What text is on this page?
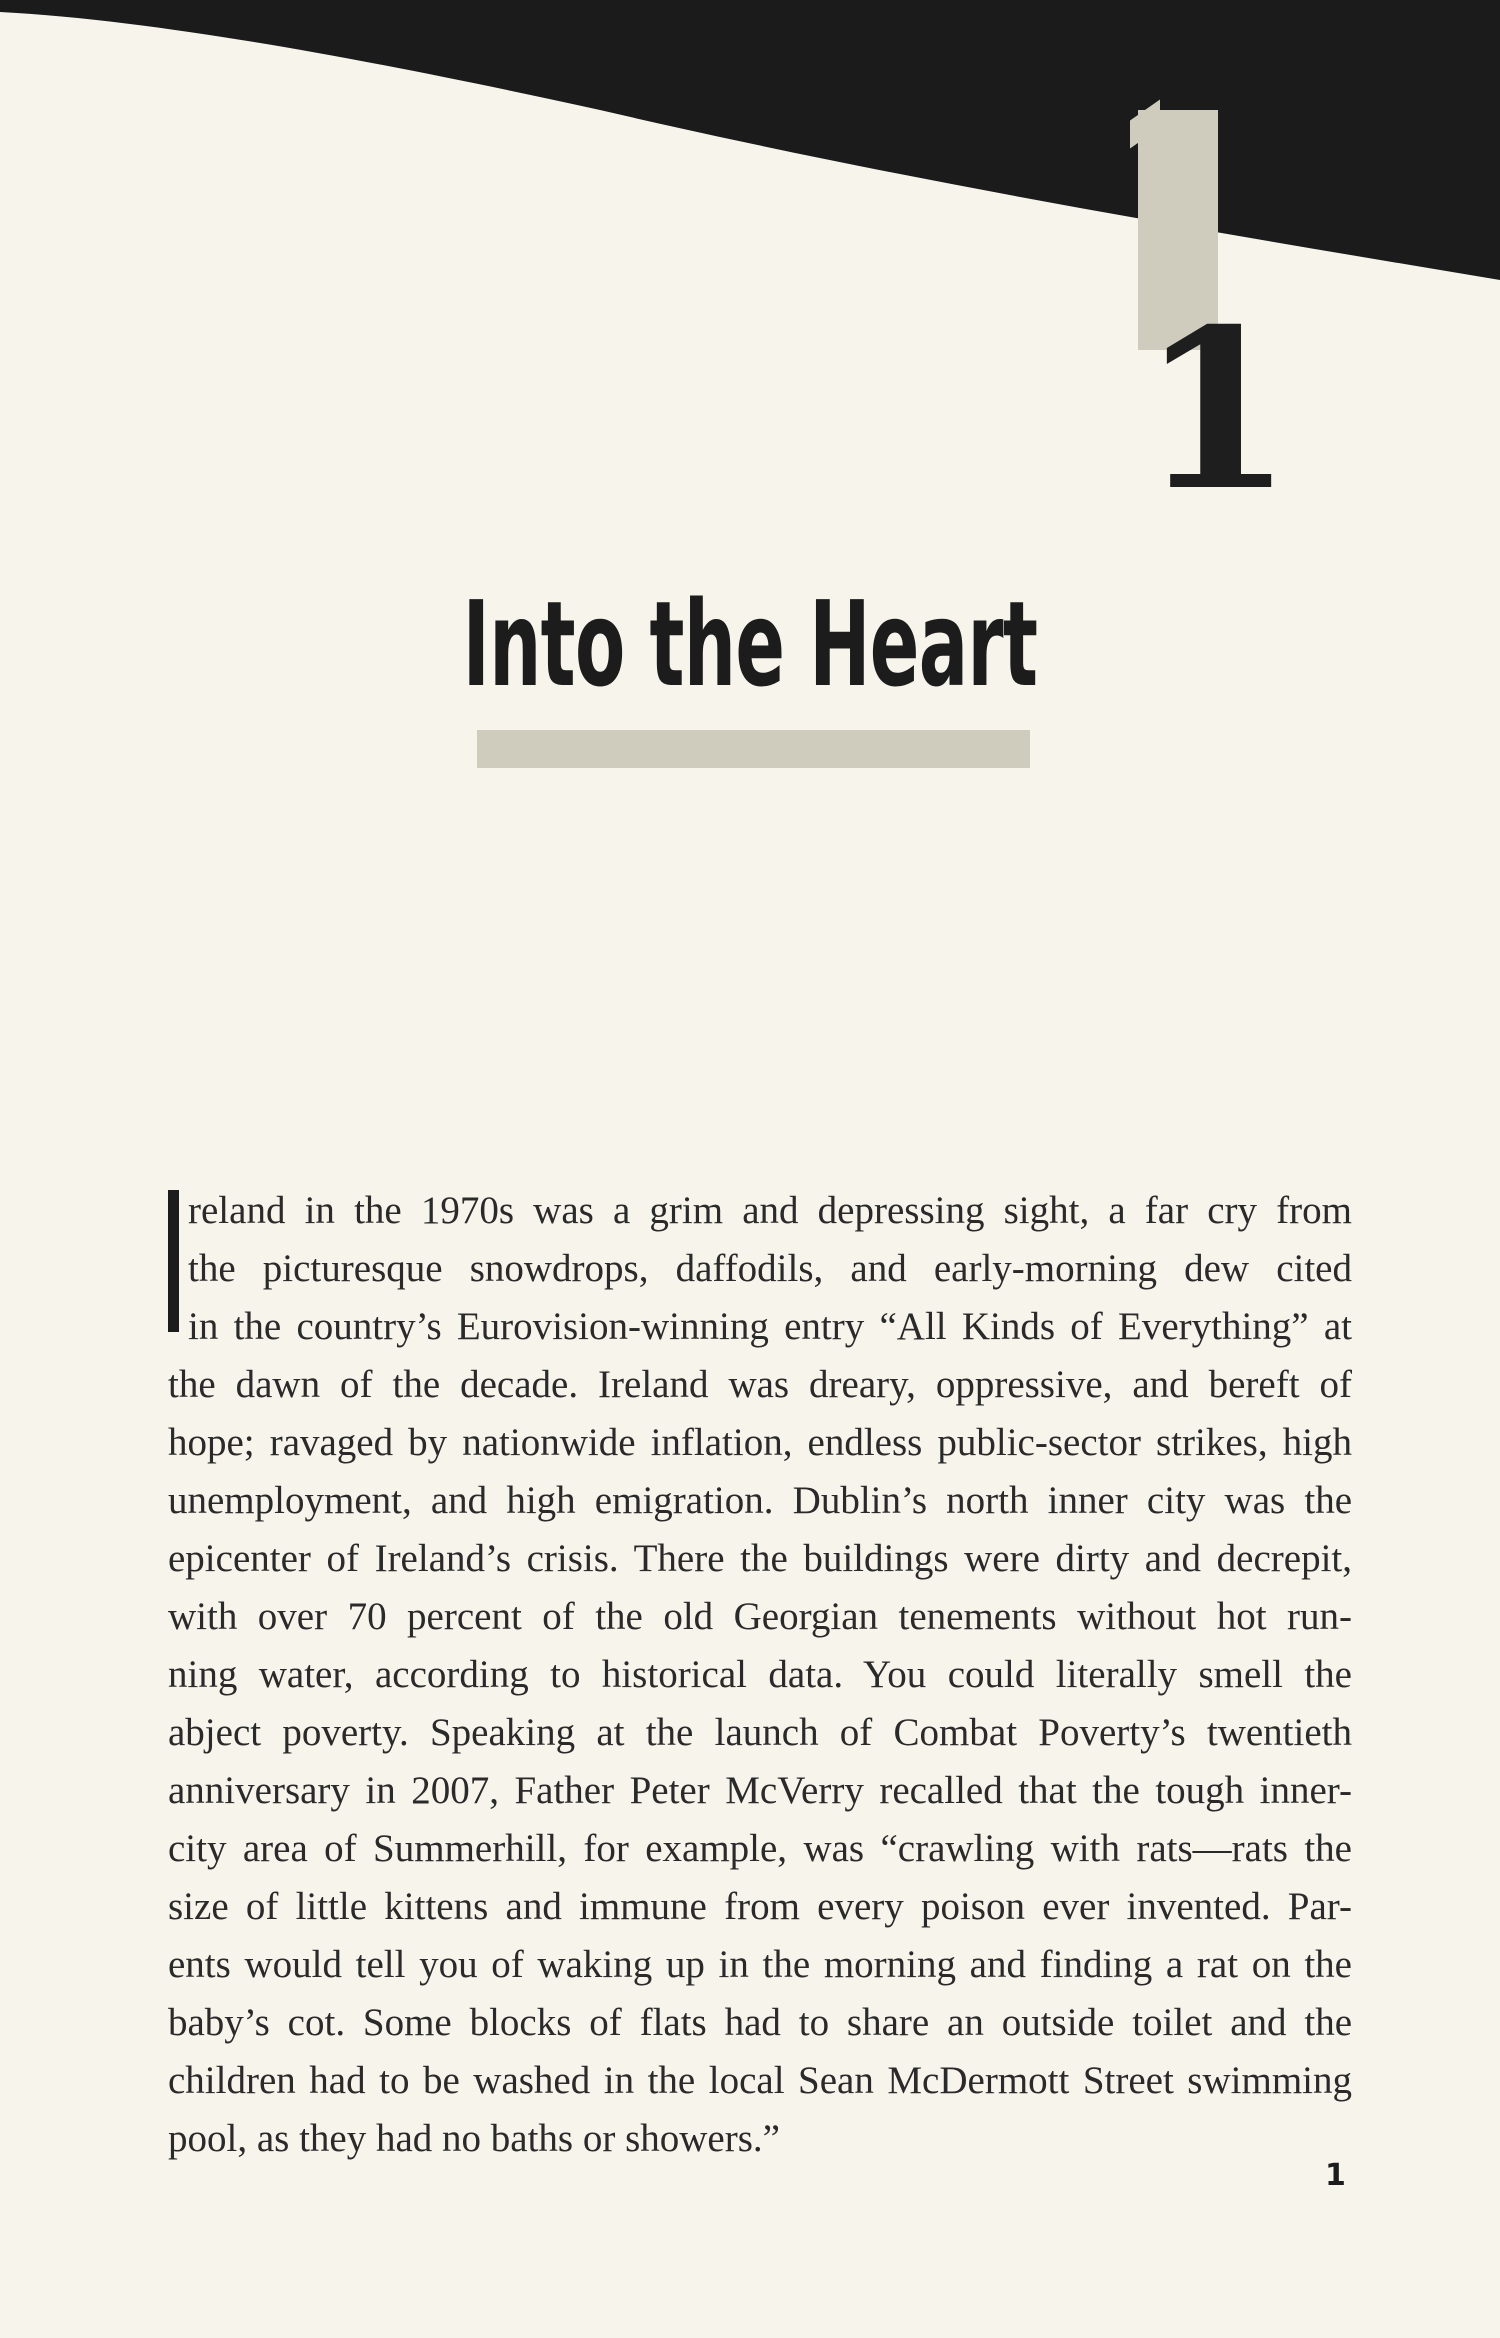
1
Into the Heart
reland in the 1970s was a grim and depressing sight, a far cry from
the picturesque snowdrops, daffodils, and early-morning dew cited
in the country’s Eurovision-winning entry “All Kinds of Everything” at
the dawn of the decade. Ireland was dreary, oppressive, and bereft of
hope; ravaged by nationwide inflation, endless public-sector strikes, high
unemployment, and high emigration. Dublin’s north inner city was the
epicenter of Ireland’s crisis. There the buildings were dirty and decrepit,
with over 70 percent of the old Georgian tenements without hot run-
ning water, according to historical data. You could literally smell the
abject poverty. Speaking at the launch of Combat Poverty’s twentieth
anniversary in 2007, Father Peter McVerry recalled that the tough inner-
city area of Summerhill, for example, was “crawling with rats—rats the
size of little kittens and immune from every poison ever invented. Par-
ents would tell you of waking up in the morning and finding a rat on the
baby’s cot. Some blocks of flats had to share an outside toilet and the
children had to be washed in the local Sean McDermott Street swimming
pool, as they had no baths or showers.”
1
